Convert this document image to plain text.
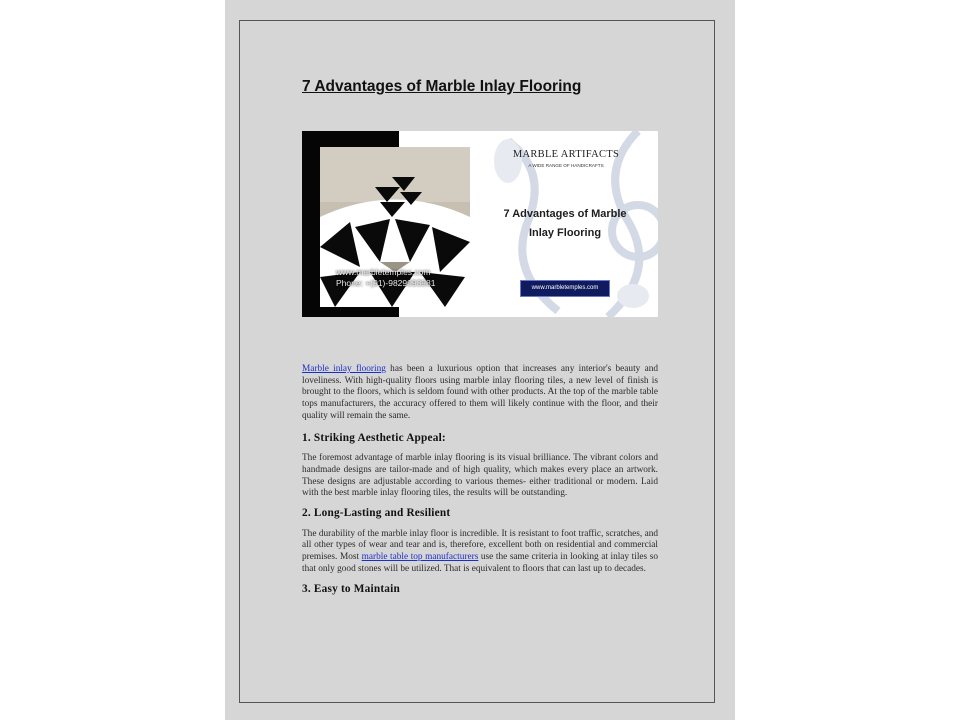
7 Advantages of Marble Inlay Flooring
www.marbletemples.com
Phone: +(91)-9829093981
MARBLE ARTIFACTS
A WIDE RANGE OF HANDICRAFTS
7 Advantages of Marble
Inlay Flooring
www.marbletemples.com

Marble inlay flooring has been a luxurious option that increases any interior's beauty and loveliness. With high-quality floors using marble inlay flooring tiles, a new level of finish is brought to the floors, which is seldom found with other products. At the top of the marble table tops manufacturers, the accuracy offered to them will likely continue with the floor, and their quality will remain the same.

1. Striking Aesthetic Appeal:

The foremost advantage of marble inlay flooring is its visual brilliance. The vibrant colors and handmade designs are tailor-made and of high quality, which makes every place an artwork. These designs are adjustable according to various themes- either traditional or modern. Laid with the best marble inlay flooring tiles, the results will be outstanding.

2. Long-Lasting and Resilient

The durability of the marble inlay floor is incredible. It is resistant to foot traffic, scratches, and all other types of wear and tear and is, therefore, excellent both on residential and commercial premises. Most marble table top manufacturers use the same criteria in looking at inlay tiles so that only good stones will be utilized. That is equivalent to floors that can last up to decades.

3. Easy to Maintain
